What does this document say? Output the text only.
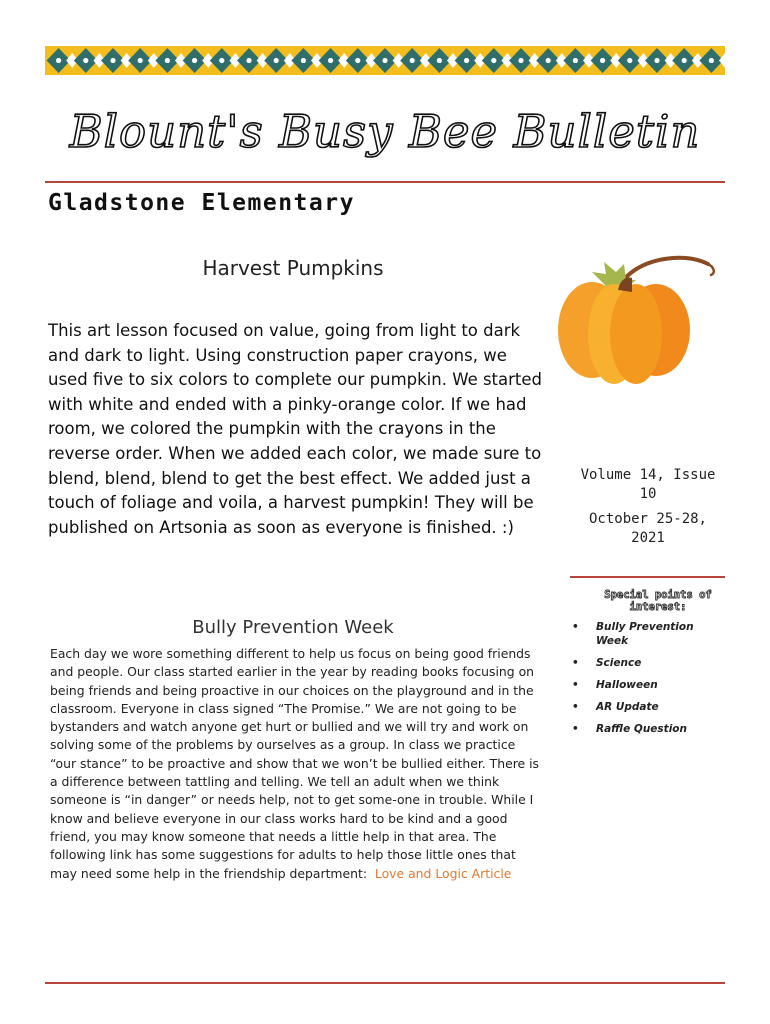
Blount's Busy Bee Bulletin
Gladstone Elementary
Harvest Pumpkins
This art lesson focused on value, going from light to dark and dark to light. Using construction paper crayons, we used five to six colors to complete our pumpkin. We started with white and ended with a pinky-orange color. If we had room, we colored the pumpkin with the crayons in the reverse order. When we added each color, we made sure to blend, blend, blend to get the best effect. We added just a touch of foliage and voila, a harvest pumpkin! They will be published on Artsonia as soon as everyone is finished. :)
Volume 14, Issue 10
October 25-28, 2021
Special points of interest:
• Bully Prevention Week
• Science
• Halloween
• AR Update
• Raffle Question
Bully Prevention Week
Each day we wore something different to help us focus on being good friends and people. Our class started earlier in the year by reading books focusing on being friends and being proactive in our choices on the playground and in the classroom. Everyone in class signed “The Promise.” We are not going to be bystanders and watch anyone get hurt or bullied and we will try and work on solving some of the problems by ourselves as a group. In class we practice “our stance” to be proactive and show that we won’t be bullied either. There is a difference between tattling and telling. We tell an adult when we think someone is “in danger” or needs help, not to get some-one in trouble. While I know and believe everyone in our class works hard to be kind and a good friend, you may know someone that needs a little help in that area. The following link has some suggestions for adults to help those little ones that may need some help in the friendship department: Love and Logic Article
